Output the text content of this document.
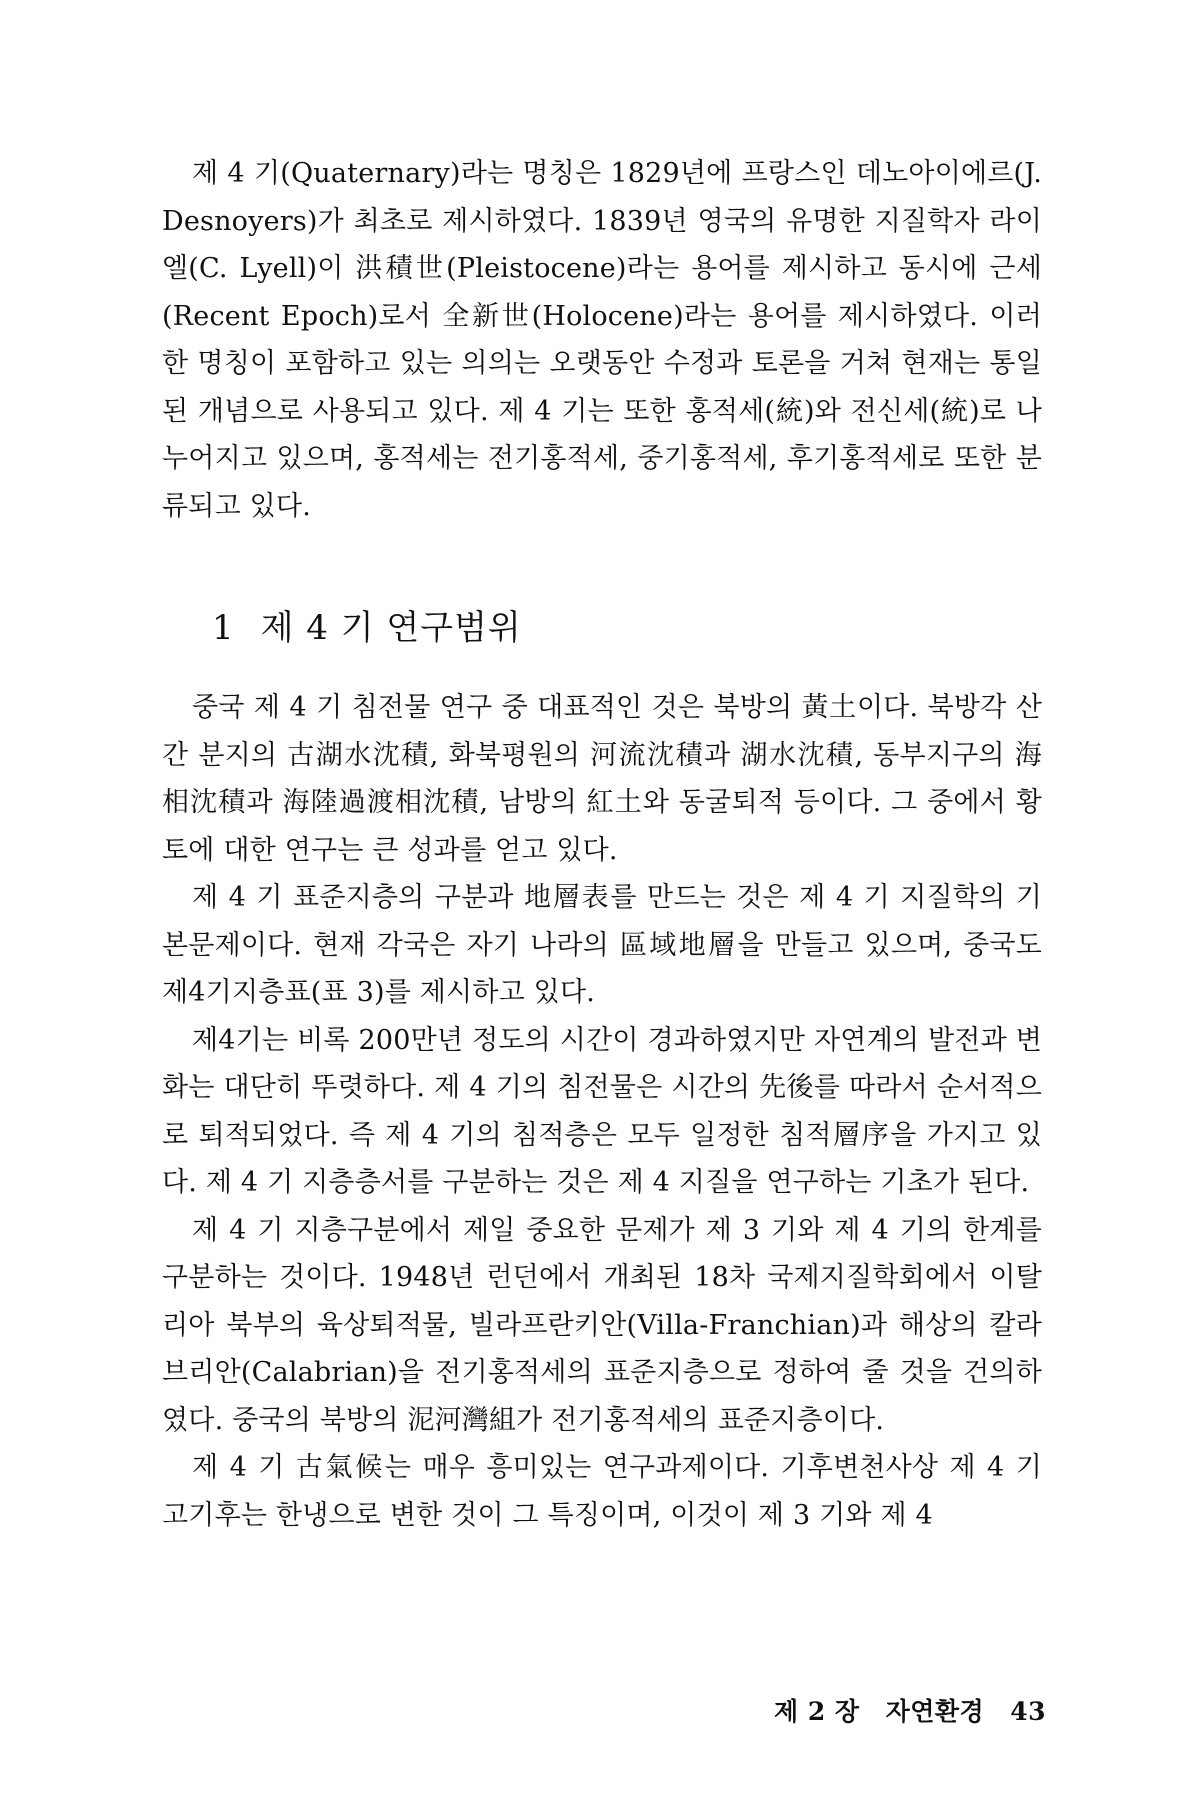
제 4 기(Quaternary)라는 명칭은 1829년에 프랑스인 데노아이에르(J. Desnoyers)가 최초로 제시하였다. 1839년 영국의 유명한 지질학자 라이엘(C. Lyell)이 洪積世(Pleistocene)라는 용어를 제시하고 동시에 근세(Recent Epoch)로서 全新世(Holocene)라는 용어를 제시하였다. 이러한 명칭이 포함하고 있는 의의는 오랫동안 수정과 토론을 거쳐 현재는 통일된 개념으로 사용되고 있다. 제 4 기는 또한 홍적세(統)와 전신세(統)로 나누어지고 있으며, 홍적세는 전기홍적세, 중기홍적세, 후기홍적세로 또한 분류되고 있다.

1 제 4 기 연구범위

중국 제 4 기 침전물 연구 중 대표적인 것은 북방의 黃土이다. 북방각 산간 분지의 古湖水沈積, 화북평원의 河流沈積과 湖水沈積, 동부지구의 海相沈積과 海陸過渡相沈積, 남방의 紅土와 동굴퇴적 등이다. 그 중에서 황토에 대한 연구는 큰 성과를 얻고 있다.

제 4 기 표준지층의 구분과 地層表를 만드는 것은 제 4 기 지질학의 기본문제이다. 현재 각국은 자기 나라의 區域地層을 만들고 있으며, 중국도 제4기지층표(표 3)를 제시하고 있다.

제4기는 비록 200만년 정도의 시간이 경과하였지만 자연계의 발전과 변화는 대단히 뚜렷하다. 제 4 기의 침전물은 시간의 先後를 따라서 순서적으로 퇴적되었다. 즉 제 4 기의 침적층은 모두 일정한 침적層序을 가지고 있다. 제 4 기 지층층서를 구분하는 것은 제 4 지질을 연구하는 기초가 된다.

제 4 기 지층구분에서 제일 중요한 문제가 제 3 기와 제 4 기의 한계를 구분하는 것이다. 1948년 런던에서 개최된 18차 국제지질학회에서 이탈리아 북부의 육상퇴적물, 빌라프란키안(Villa-Franchian)과 해상의 칼라브리안(Calabrian)을 전기홍적세의 표준지층으로 정하여 줄 것을 건의하였다. 중국의 북방의 泥河灣組가 전기홍적세의 표준지층이다.

제 4 기 古氣候는 매우 흥미있는 연구과제이다. 기후변천사상 제 4 기 고기후는 한냉으로 변한 것이 그 특징이며, 이것이 제 3 기와 제 4

제 2 장 자연환경 43
